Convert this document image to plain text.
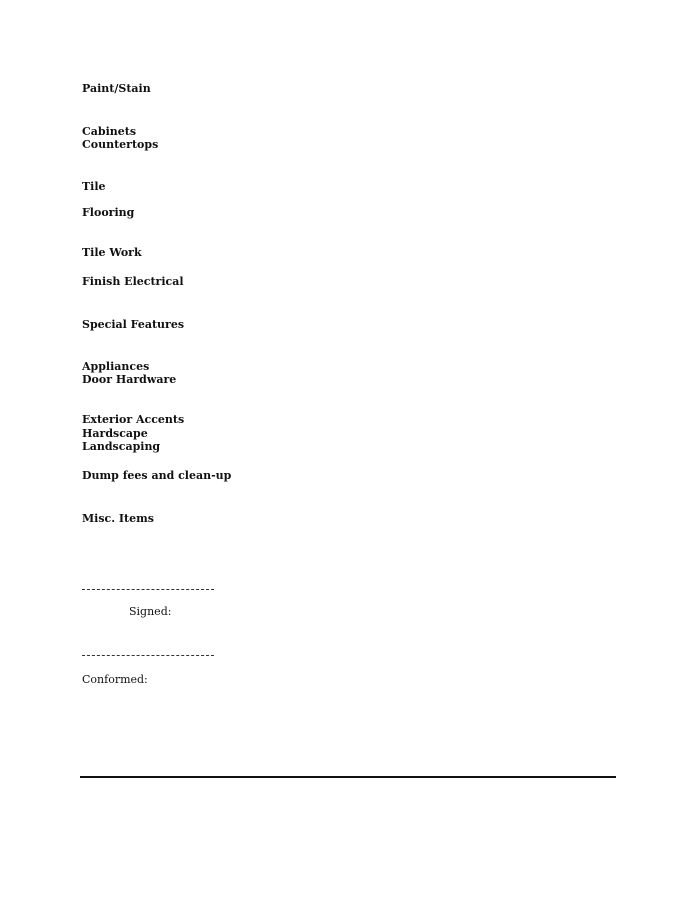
Paint/Stain
Cabinets
Countertops
Tile
Flooring
Tile Work
Finish Electrical
Special Features
Appliances
Door Hardware
Exterior Accents
Hardscape
Landscaping
Dump fees and clean-up
Misc. Items
Signed:
Conformed:
